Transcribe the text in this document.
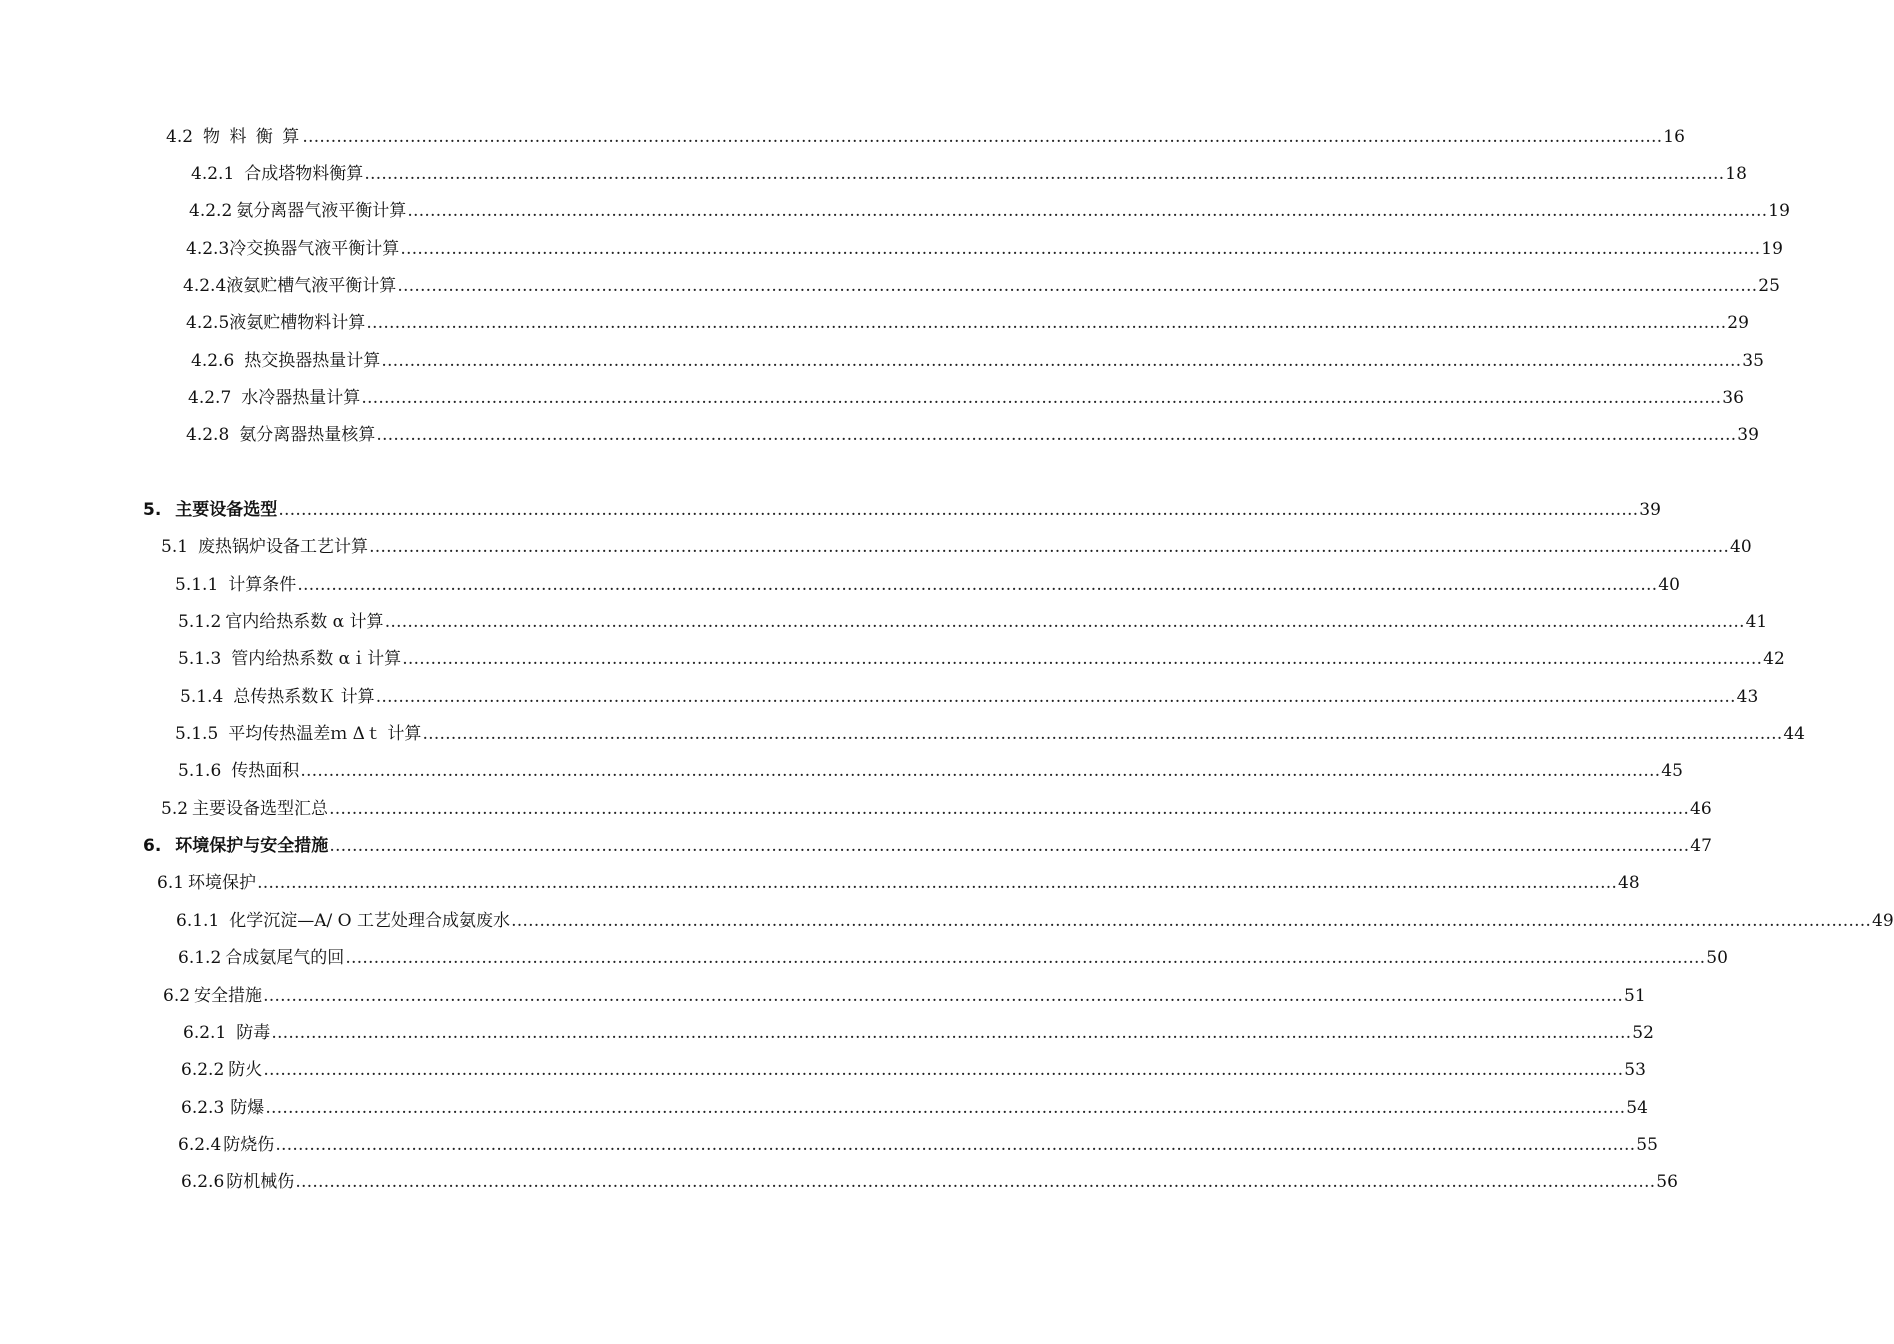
4.2 物 料 衡 算 …………………………………………………………………………………………………………………………………………………………………………………………………………………… 16
4.2.1 合成塔物料衡算 …………………………………………………………………………………………………………………………………………………………………………………………………………………… 18
4.2.2 氨分离器气液平衡计算 …………………………………………………………………………………………………………………………………………………………………………………………………………………… 19
4.2.3 冷交换器气液平衡计算 …………………………………………………………………………………………………………………………………………………………………………………………………………………… 19
4.2.4 液氨贮槽气液平衡计算 …………………………………………………………………………………………………………………………………………………………………………………………………………………… 25
4.2.5 液氨贮槽物料计算 …………………………………………………………………………………………………………………………………………………………………………………………………………………… 29
4.2.6 热交换器热量计算 …………………………………………………………………………………………………………………………………………………………………………………………………………………… 35
4.2.7 水冷器热量计算 …………………………………………………………………………………………………………………………………………………………………………………………………………………… 36
4.2.8 氨分离器热量核算 …………………………………………………………………………………………………………………………………………………………………………………………………………………… 39
5. 主要设备选型 …………………………………………………………………………………………………………………………………………………………………………………………………………………… 39
5.1 废热锅炉设备工艺计算 …………………………………………………………………………………………………………………………………………………………………………………………………………………… 40
5.1.1 计算条件 …………………………………………………………………………………………………………………………………………………………………………………………………………………… 40
5.1.2 官内给热系数 α 计算 …………………………………………………………………………………………………………………………………………………………………………………………………………………… 41
5.1.3 管内给热系数 αｉ计算 …………………………………………………………………………………………………………………………………………………………………………………………………………………… 42
5.1.4 总传热系数Ｋ 计算 …………………………………………………………………………………………………………………………………………………………………………………………………………………… 43
5.1.5 平均传热温差ｍ Δｔ 计算 …………………………………………………………………………………………………………………………………………………………………………………………………………………… 44
5.1.6 传热面积 …………………………………………………………………………………………………………………………………………………………………………………………………………………… 45
5.2 主要设备选型汇总 …………………………………………………………………………………………………………………………………………………………………………………………………………………… 46
6. 环境保护与安全措施 …………………………………………………………………………………………………………………………………………………………………………………………………………………… 47
6.1 环境保护 …………………………………………………………………………………………………………………………………………………………………………………………………………………… 48
6.1.1 化学沉淀—A/ O 工艺处理合成氨废水 …………………………………………………………………………………………………………………………………………………………………………………………………………………… 49
6.1.2 合成氨尾气的回 …………………………………………………………………………………………………………………………………………………………………………………………………………………… 50
6.2 安全措施 …………………………………………………………………………………………………………………………………………………………………………………………………………………… 51
6.2.1 防毒 …………………………………………………………………………………………………………………………………………………………………………………………………………………… 52
6.2.2 防火 …………………………………………………………………………………………………………………………………………………………………………………………………………………… 53
6.2.3 防爆 …………………………………………………………………………………………………………………………………………………………………………………………………………………… 54
6.2.4 防烧伤 …………………………………………………………………………………………………………………………………………………………………………………………………………………… 55
6.2.6 防机械伤 …………………………………………………………………………………………………………………………………………………………………………………………………………………… 56
